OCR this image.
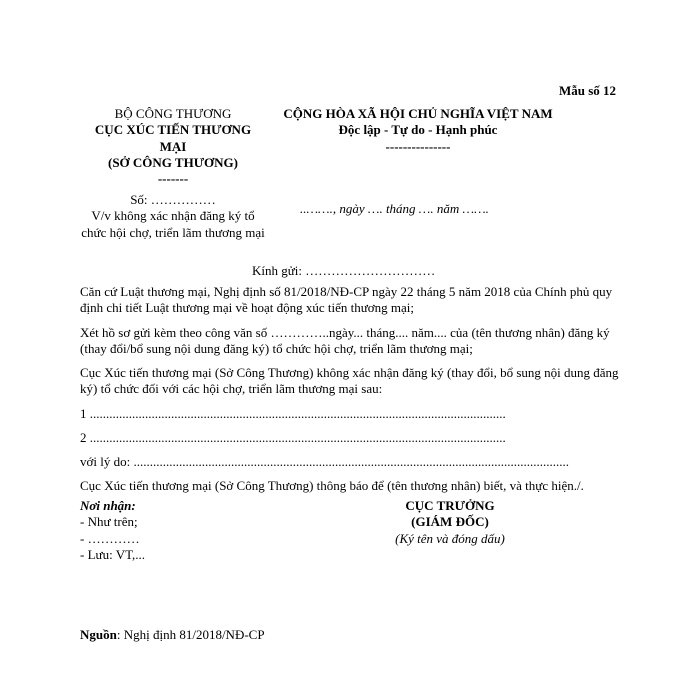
Mẫu số 12
BỘ CÔNG THƯƠNG
CỤC XÚC TIẾN THƯƠNG MẠI
(SỞ CÔNG THƯƠNG)
-------
Số: ……………
V/v không xác nhận đăng ký tổ chức hội chợ, triển lãm thương mại
CỘNG HÒA XÃ HỘI CHỦ NGHĨA VIỆT NAM
Độc lập - Tự do - Hạnh phúc
---------------
..……., ngày …. tháng …. năm …….
Kính gửi: …………………………

Căn cứ Luật thương mại, Nghị định số 81/2018/NĐ-CP ngày 22 tháng 5 năm 2018 của Chính phủ quy định chi tiết Luật thương mại về hoạt động xúc tiến thương mại;

Xét hồ sơ gửi kèm theo công văn số …………..ngày... tháng.... năm.... của (tên thương nhân) đăng ký (thay đổi/bổ sung nội dung đăng ký) tổ chức hội chợ, triển lãm thương mại;

Cục Xúc tiến thương mại (Sở Công Thương) không xác nhận đăng ký (thay đổi, bổ sung nội dung đăng ký) tổ chức đối với các hội chợ, triển lãm thương mại sau:

1 ................................................................................................................................

2 ................................................................................................................................

với lý do: ......................................................................................................................................

Cục Xúc tiến thương mại (Sở Công Thương) thông báo để (tên thương nhân) biết, và thực hiện./.

Nơi nhận:
- Như trên;
- …………
- Lưu: VT,...
CỤC TRƯỞNG
(GIÁM ĐỐC)
(Ký tên và đóng dấu)
Nguồn: Nghị định 81/2018/NĐ-CP
